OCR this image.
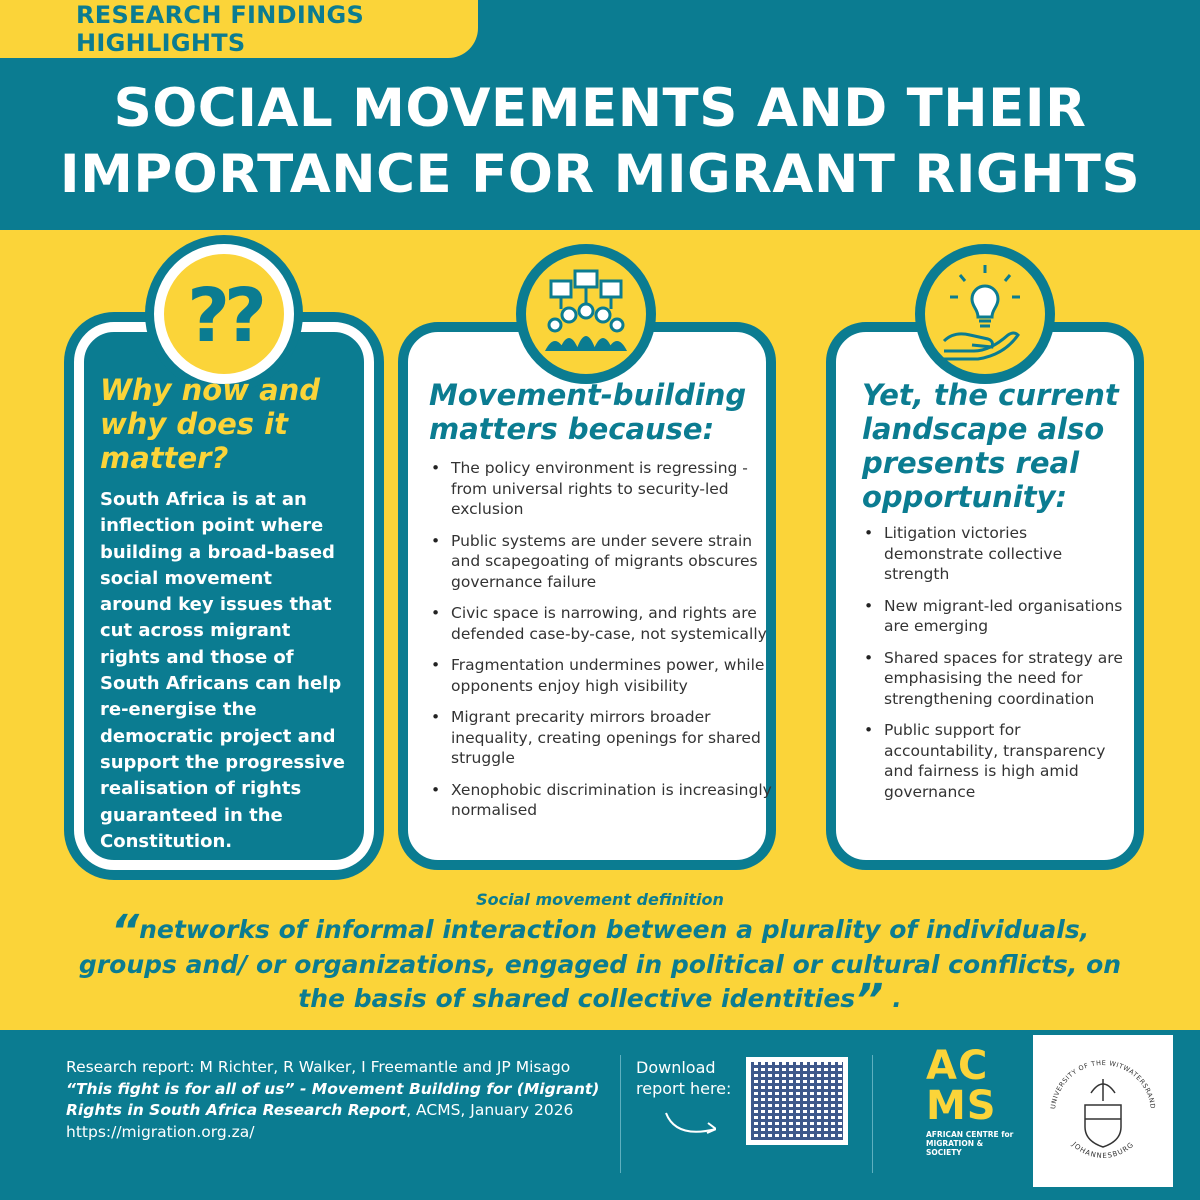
RESEARCH FINDINGS HIGHLIGHTS
SOCIAL MOVEMENTS AND THEIR
IMPORTANCE FOR MIGRANT RIGHTS
??
Why now and why does it matter?
South Africa is at an inflection point where building a broad-based social movement around key issues that cut across migrant rights and those of South Africans can help re-energise the democratic project and support the progressive realisation of rights guaranteed in the Constitution.
Movement-building matters because:
• The policy environment is regressing - from universal rights to security-led exclusion
• Public systems are under severe strain and scapegoating of migrants obscures governance failure
• Civic space is narrowing, and rights are defended case-by-case, not systemically
• Fragmentation undermines power, while opponents enjoy high visibility
• Migrant precarity mirrors broader inequality, creating openings for shared struggle
• Xenophobic discrimination is increasingly normalised
Yet, the current landscape also presents real opportunity:
• Litigation victories demonstrate collective strength
• New migrant-led organisations are emerging
• Shared spaces for strategy are emphasising the need for strengthening coordination
• Public support for accountability, transparency and fairness is high amid governance
Social movement definition
“networks of informal interaction between a plurality of individuals, groups and/ or organizations, engaged in political or cultural conflicts, on the basis of shared collective identities” .
Research report: M Richter, R Walker, I Freemantle and JP Misago
“This fight is for all of us” - Movement Building for (Migrant) Rights in South Africa Research Report, ACMS, January 2026
https://migration.org.za/
Download
report here:	AC
MS
AFRICAN CENTRE for MIGRATION & SOCIETY
UNIVERSITY OF THE WITWATERSRAND
JOHANNESBURG
